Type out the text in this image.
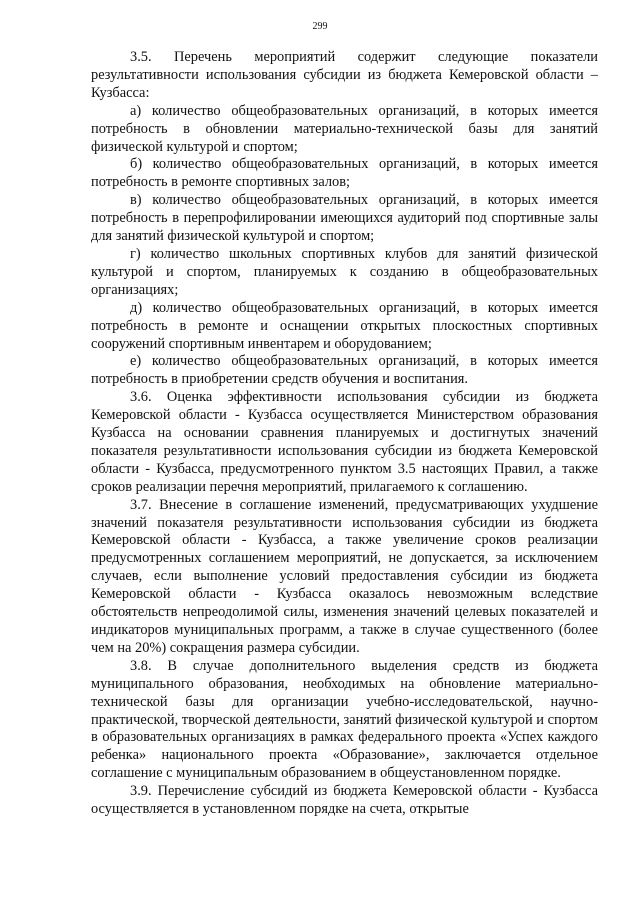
299

3.5. Перечень мероприятий содержит следующие показатели результативности использования субсидии из бюджета Кемеровской области – Кузбасса:

а) количество общеобразовательных организаций, в которых имеется потребность в обновлении материально-технической базы для занятий физической культурой и спортом;

б) количество общеобразовательных организаций, в которых имеется потребность в ремонте спортивных залов;

в) количество общеобразовательных организаций, в которых имеется потребность в перепрофилировании имеющихся аудиторий под спортивные залы для занятий физической культурой и спортом;

г) количество школьных спортивных клубов для занятий физической культурой и спортом, планируемых к созданию в общеобразовательных организациях;

д) количество общеобразовательных организаций, в которых имеется потребность в ремонте и оснащении открытых плоскостных спортивных сооружений спортивным инвентарем и оборудованием;

е) количество общеобразовательных организаций, в которых имеется потребность в приобретении средств обучения и воспитания.

3.6. Оценка эффективности использования субсидии из бюджета Кемеровской области - Кузбасса осуществляется Министерством образования Кузбасса на основании сравнения планируемых и достигнутых значений показателя результативности использования субсидии из бюджета Кемеровской области - Кузбасса, предусмотренного пунктом 3.5 настоящих Правил, а также сроков реализации перечня мероприятий, прилагаемого к соглашению.

3.7. Внесение в соглашение изменений, предусматривающих ухудшение значений показателя результативности использования субсидии из бюджета Кемеровской области - Кузбасса, а также увеличение сроков реализации предусмотренных соглашением мероприятий, не допускается, за исключением случаев, если выполнение условий предоставления субсидии из бюджета Кемеровской области - Кузбасса оказалось невозможным вследствие обстоятельств непреодолимой силы, изменения значений целевых показателей и индикаторов муниципальных программ, а также в случае существенного (более чем на 20%) сокращения размера субсидии.

3.8. В случае дополнительного выделения средств из бюджета муниципального образования, необходимых на обновление материально-технической базы для организации учебно-исследовательской, научно-практической, творческой деятельности, занятий физической культурой и спортом в образовательных организациях в рамках федерального проекта «Успех каждого ребенка» национального проекта «Образование», заключается отдельное соглашение с муниципальным образованием в общеустановленном порядке.

3.9. Перечисление субсидий из бюджета Кемеровской области - Кузбасса осуществляется в установленном порядке на счета, открытые
